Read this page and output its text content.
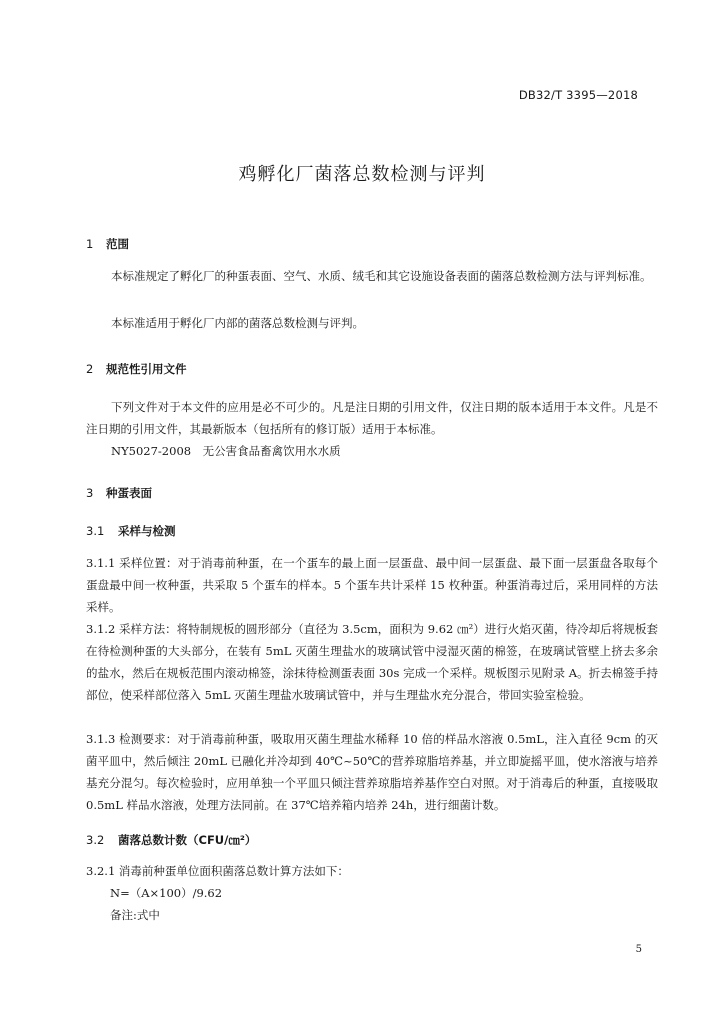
DB32/T 3395—2018
鸡孵化厂菌落总数检测与评判
1 范围
本标准规定了孵化厂的种蛋表面、空气、水质、绒毛和其它设施设备表面的菌落总数检测方法与评判标准。
本标准适用于孵化厂内部的菌落总数检测与评判。
2 规范性引用文件
下列文件对于本文件的应用是必不可少的。凡是注日期的引用文件，仅注日期的版本适用于本文件。凡是不注日期的引用文件，其最新版本（包括所有的修订版）适用于本标准。
NY5027-2008　无公害食品畜禽饮用水水质
3 种蛋表面
3.1 采样与检测
3.1.1 采样位置：对于消毒前种蛋，在一个蛋车的最上面一层蛋盘、最中间一层蛋盘、最下面一层蛋盘各取每个蛋盘最中间一枚种蛋，共采取 5 个蛋车的样本。5 个蛋车共计采样 15 枚种蛋。种蛋消毒过后，采用同样的方法采样。
3.1.2 采样方法：将特制规板的圆形部分（直径为 3.5cm，面积为 9.62 ㎝²）进行火焰灭菌，待冷却后将规板套在待检测种蛋的大头部分，在装有 5mL 灭菌生理盐水的玻璃试管中浸湿灭菌的棉签，在玻璃试管壁上挤去多余的盐水，然后在规板范围内滚动棉签，涂抹待检测蛋表面 30s 完成一个采样。规板图示见附录 A。折去棉签手持部位，使采样部位落入 5mL 灭菌生理盐水玻璃试管中，并与生理盐水充分混合，带回实验室检验。
3.1.3 检测要求：对于消毒前种蛋，吸取用灭菌生理盐水稀释 10 倍的样品水溶液 0.5mL，注入直径 9cm 的灭菌平皿中，然后倾注 20mL 已融化并冷却到 40℃~50℃的营养琼脂培养基，并立即旋摇平皿，使水溶液与培养基充分混匀。每次检验时，应用单独一个平皿只倾注营养琼脂培养基作空白对照。对于消毒后的种蛋，直接吸取 0.5mL 样品水溶液，处理方法同前。在 37℃培养箱内培养 24h，进行细菌计数。
3.2 菌落总数计数（CFU/㎝²）
3.2.1 消毒前种蛋单位面积菌落总数计算方法如下：
N=（A×100）/9.62
备注:式中
5
